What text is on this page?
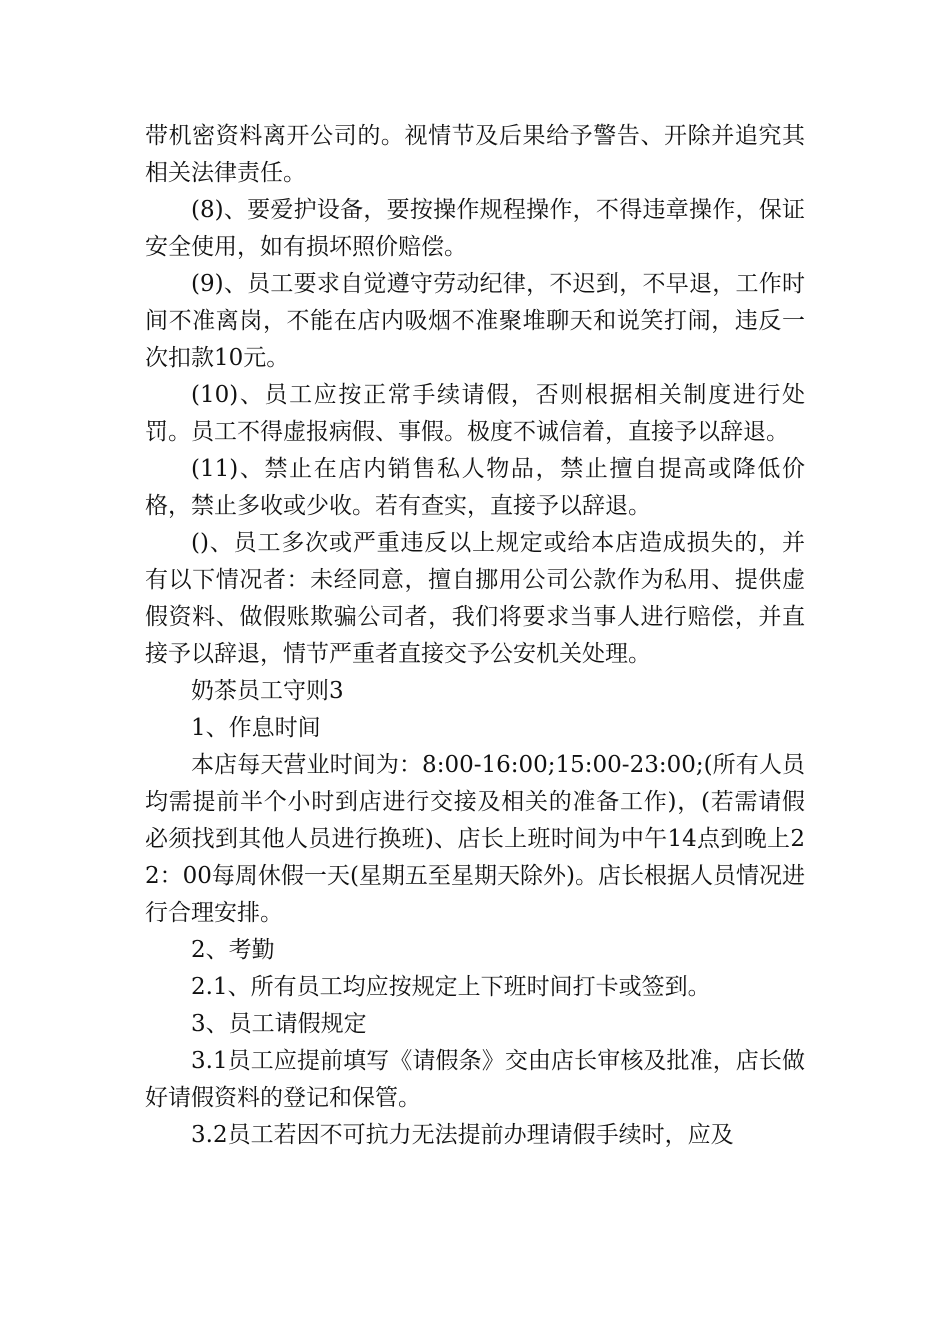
带机密资料离开公司的。视情节及后果给予警告、开除并追究其相关法律责任。

(8)、要爱护设备，要按操作规程操作，不得违章操作，保证安全使用，如有损坏照价赔偿。

(9)、员工要求自觉遵守劳动纪律，不迟到，不早退，工作时间不准离岗，不能在店内吸烟不准聚堆聊天和说笑打闹，违反一次扣款10元。

(10)、员工应按正常手续请假，否则根据相关制度进行处罚。员工不得虚报病假、事假。极度不诚信着，直接予以辞退。

(11)、禁止在店内销售私人物品，禁止擅自提高或降低价格，禁止多收或少收。若有查实，直接予以辞退。

()、员工多次或严重违反以上规定或给本店造成损失的，并有以下情况者：未经同意，擅自挪用公司公款作为私用、提供虚假资料、做假账欺骗公司者，我们将要求当事人进行赔偿，并直接予以辞退，情节严重者直接交予公安机关处理。

奶茶员工守则3

1、作息时间

本店每天营业时间为：8:00-16:00;15:00-23:00;(所有人员均需提前半个小时到店进行交接及相关的准备工作)，(若需请假必须找到其他人员进行换班)、店长上班时间为中午14点到晚上22：00每周休假一天(星期五至星期天除外)。店长根据人员情况进行合理安排。

2、考勤

2.1、所有员工均应按规定上下班时间打卡或签到。

3、员工请假规定

3.1员工应提前填写《请假条》交由店长审核及批准，店长做好请假资料的登记和保管。

3.2员工若因不可抗力无法提前办理请假手续时，应及
